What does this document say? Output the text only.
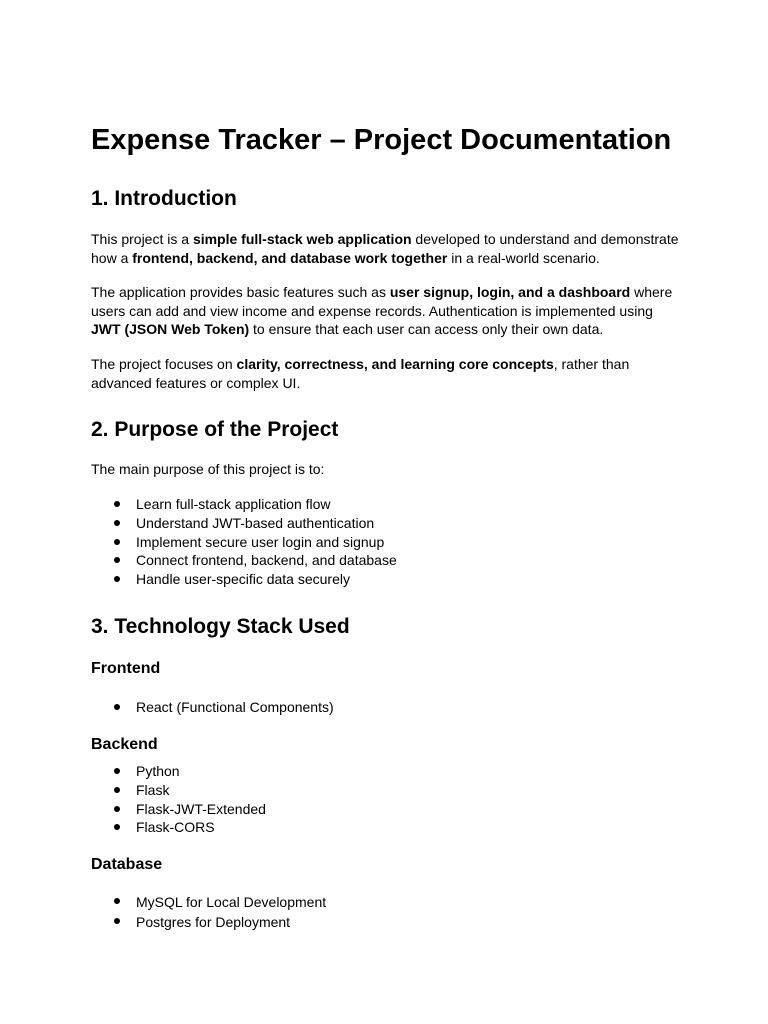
Expense Tracker – Project Documentation
1. Introduction
This project is a simple full-stack web application developed to understand and demonstrate
how a frontend, backend, and database work together in a real-world scenario.
The application provides basic features such as user signup, login, and a dashboard where
users can add and view income and expense records. Authentication is implemented using
JWT (JSON Web Token) to ensure that each user can access only their own data.
The project focuses on clarity, correctness, and learning core concepts, rather than
advanced features or complex UI.
2. Purpose of the Project
The main purpose of this project is to:
Learn full-stack application flow
Understand JWT-based authentication
Implement secure user login and signup
Connect frontend, backend, and database
Handle user-specific data securely
3. Technology Stack Used
Frontend
React (Functional Components)
Backend
Python
Flask
Flask-JWT-Extended
Flask-CORS
Database
MySQL for Local Development
Postgres for Deployment
